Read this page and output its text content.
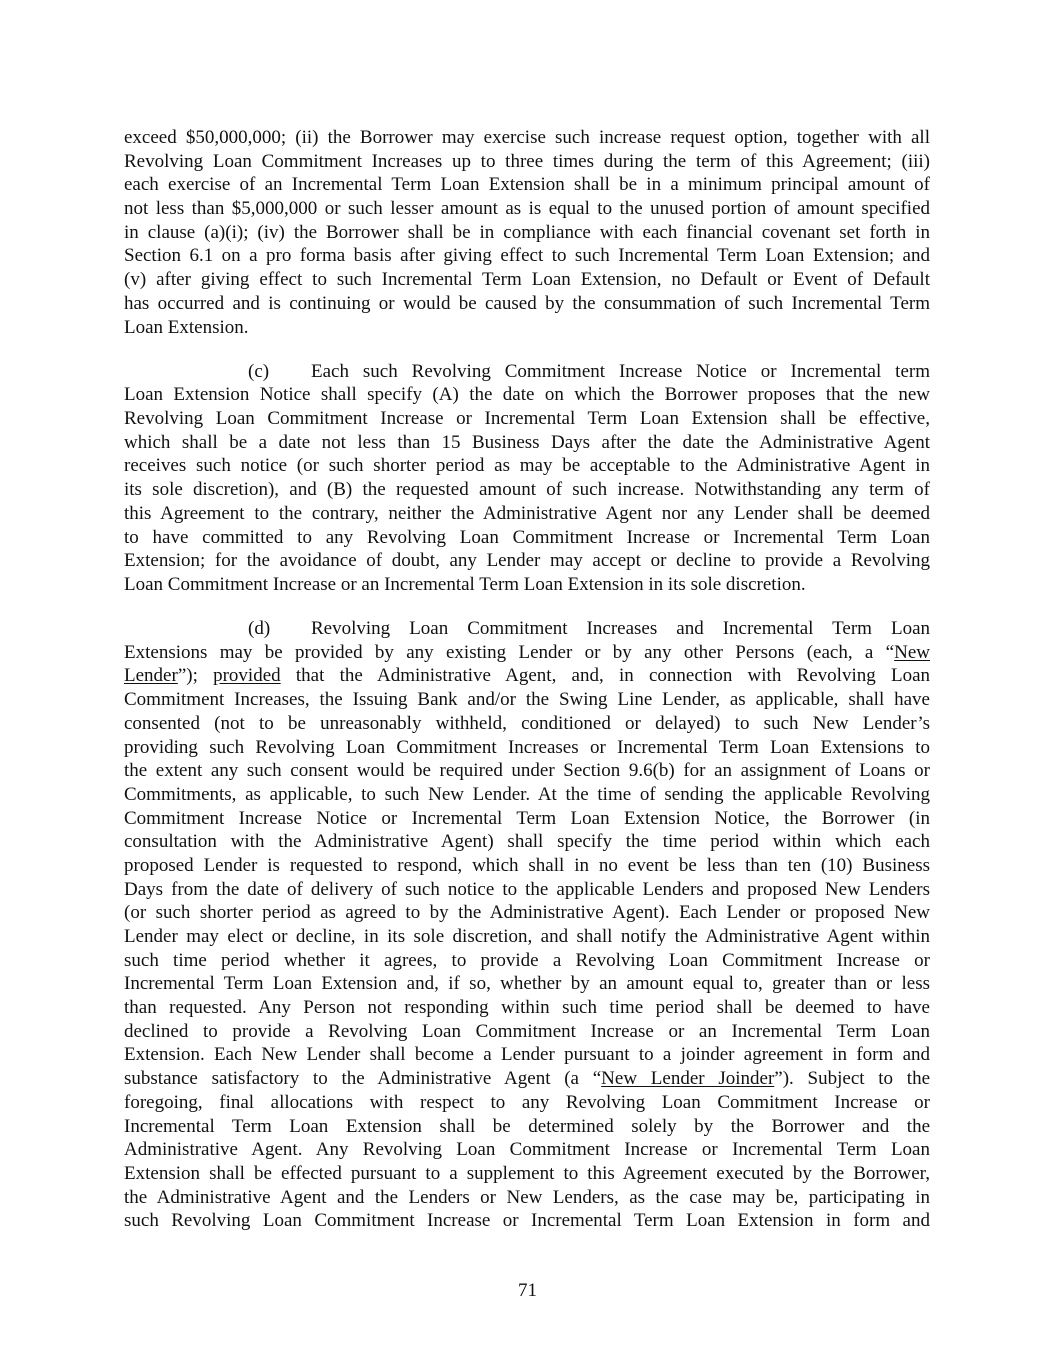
exceed $50,000,000; (ii) the Borrower may exercise such increase request option, together with all
Revolving Loan Commitment Increases up to three times during the term of this Agreement; (iii)
each exercise of an Incremental Term Loan Extension shall be in a minimum principal amount of
not less than $5,000,000 or such lesser amount as is equal to the unused portion of amount specified
in clause (a)(i); (iv) the Borrower shall be in compliance with each financial covenant set forth in
Section 6.1 on a pro forma basis after giving effect to such Incremental Term Loan Extension; and
(v) after giving effect to such Incremental Term Loan Extension, no Default or Event of Default
has occurred and is continuing or would be caused by the consummation of such Incremental Term
Loan Extension.
(c) Each such Revolving Commitment Increase Notice or Incremental term
Loan Extension Notice shall specify (A) the date on which the Borrower proposes that the new
Revolving Loan Commitment Increase or Incremental Term Loan Extension shall be effective,
which shall be a date not less than 15 Business Days after the date the Administrative Agent
receives such notice (or such shorter period as may be acceptable to the Administrative Agent in
its sole discretion), and (B) the requested amount of such increase. Notwithstanding any term of
this Agreement to the contrary, neither the Administrative Agent nor any Lender shall be deemed
to have committed to any Revolving Loan Commitment Increase or Incremental Term Loan
Extension; for the avoidance of doubt, any Lender may accept or decline to provide a Revolving
Loan Commitment Increase or an Incremental Term Loan Extension in its sole discretion.
(d) Revolving Loan Commitment Increases and Incremental Term Loan
Extensions may be provided by any existing Lender or by any other Persons (each, a “New
Lender”); provided that the Administrative Agent, and, in connection with Revolving Loan
Commitment Increases, the Issuing Bank and/or the Swing Line Lender, as applicable, shall have
consented (not to be unreasonably withheld, conditioned or delayed) to such New Lender’s
providing such Revolving Loan Commitment Increases or Incremental Term Loan Extensions to
the extent any such consent would be required under Section 9.6(b) for an assignment of Loans or
Commitments, as applicable, to such New Lender. At the time of sending the applicable Revolving
Commitment Increase Notice or Incremental Term Loan Extension Notice, the Borrower (in
consultation with the Administrative Agent) shall specify the time period within which each
proposed Lender is requested to respond, which shall in no event be less than ten (10) Business
Days from the date of delivery of such notice to the applicable Lenders and proposed New Lenders
(or such shorter period as agreed to by the Administrative Agent). Each Lender or proposed New
Lender may elect or decline, in its sole discretion, and shall notify the Administrative Agent within
such time period whether it agrees, to provide a Revolving Loan Commitment Increase or
Incremental Term Loan Extension and, if so, whether by an amount equal to, greater than or less
than requested. Any Person not responding within such time period shall be deemed to have
declined to provide a Revolving Loan Commitment Increase or an Incremental Term Loan
Extension. Each New Lender shall become a Lender pursuant to a joinder agreement in form and
substance satisfactory to the Administrative Agent (a “New Lender Joinder”). Subject to the
foregoing, final allocations with respect to any Revolving Loan Commitment Increase or
Incremental Term Loan Extension shall be determined solely by the Borrower and the
Administrative Agent. Any Revolving Loan Commitment Increase or Incremental Term Loan
Extension shall be effected pursuant to a supplement to this Agreement executed by the Borrower,
the Administrative Agent and the Lenders or New Lenders, as the case may be, participating in
such Revolving Loan Commitment Increase or Incremental Term Loan Extension in form and
71
